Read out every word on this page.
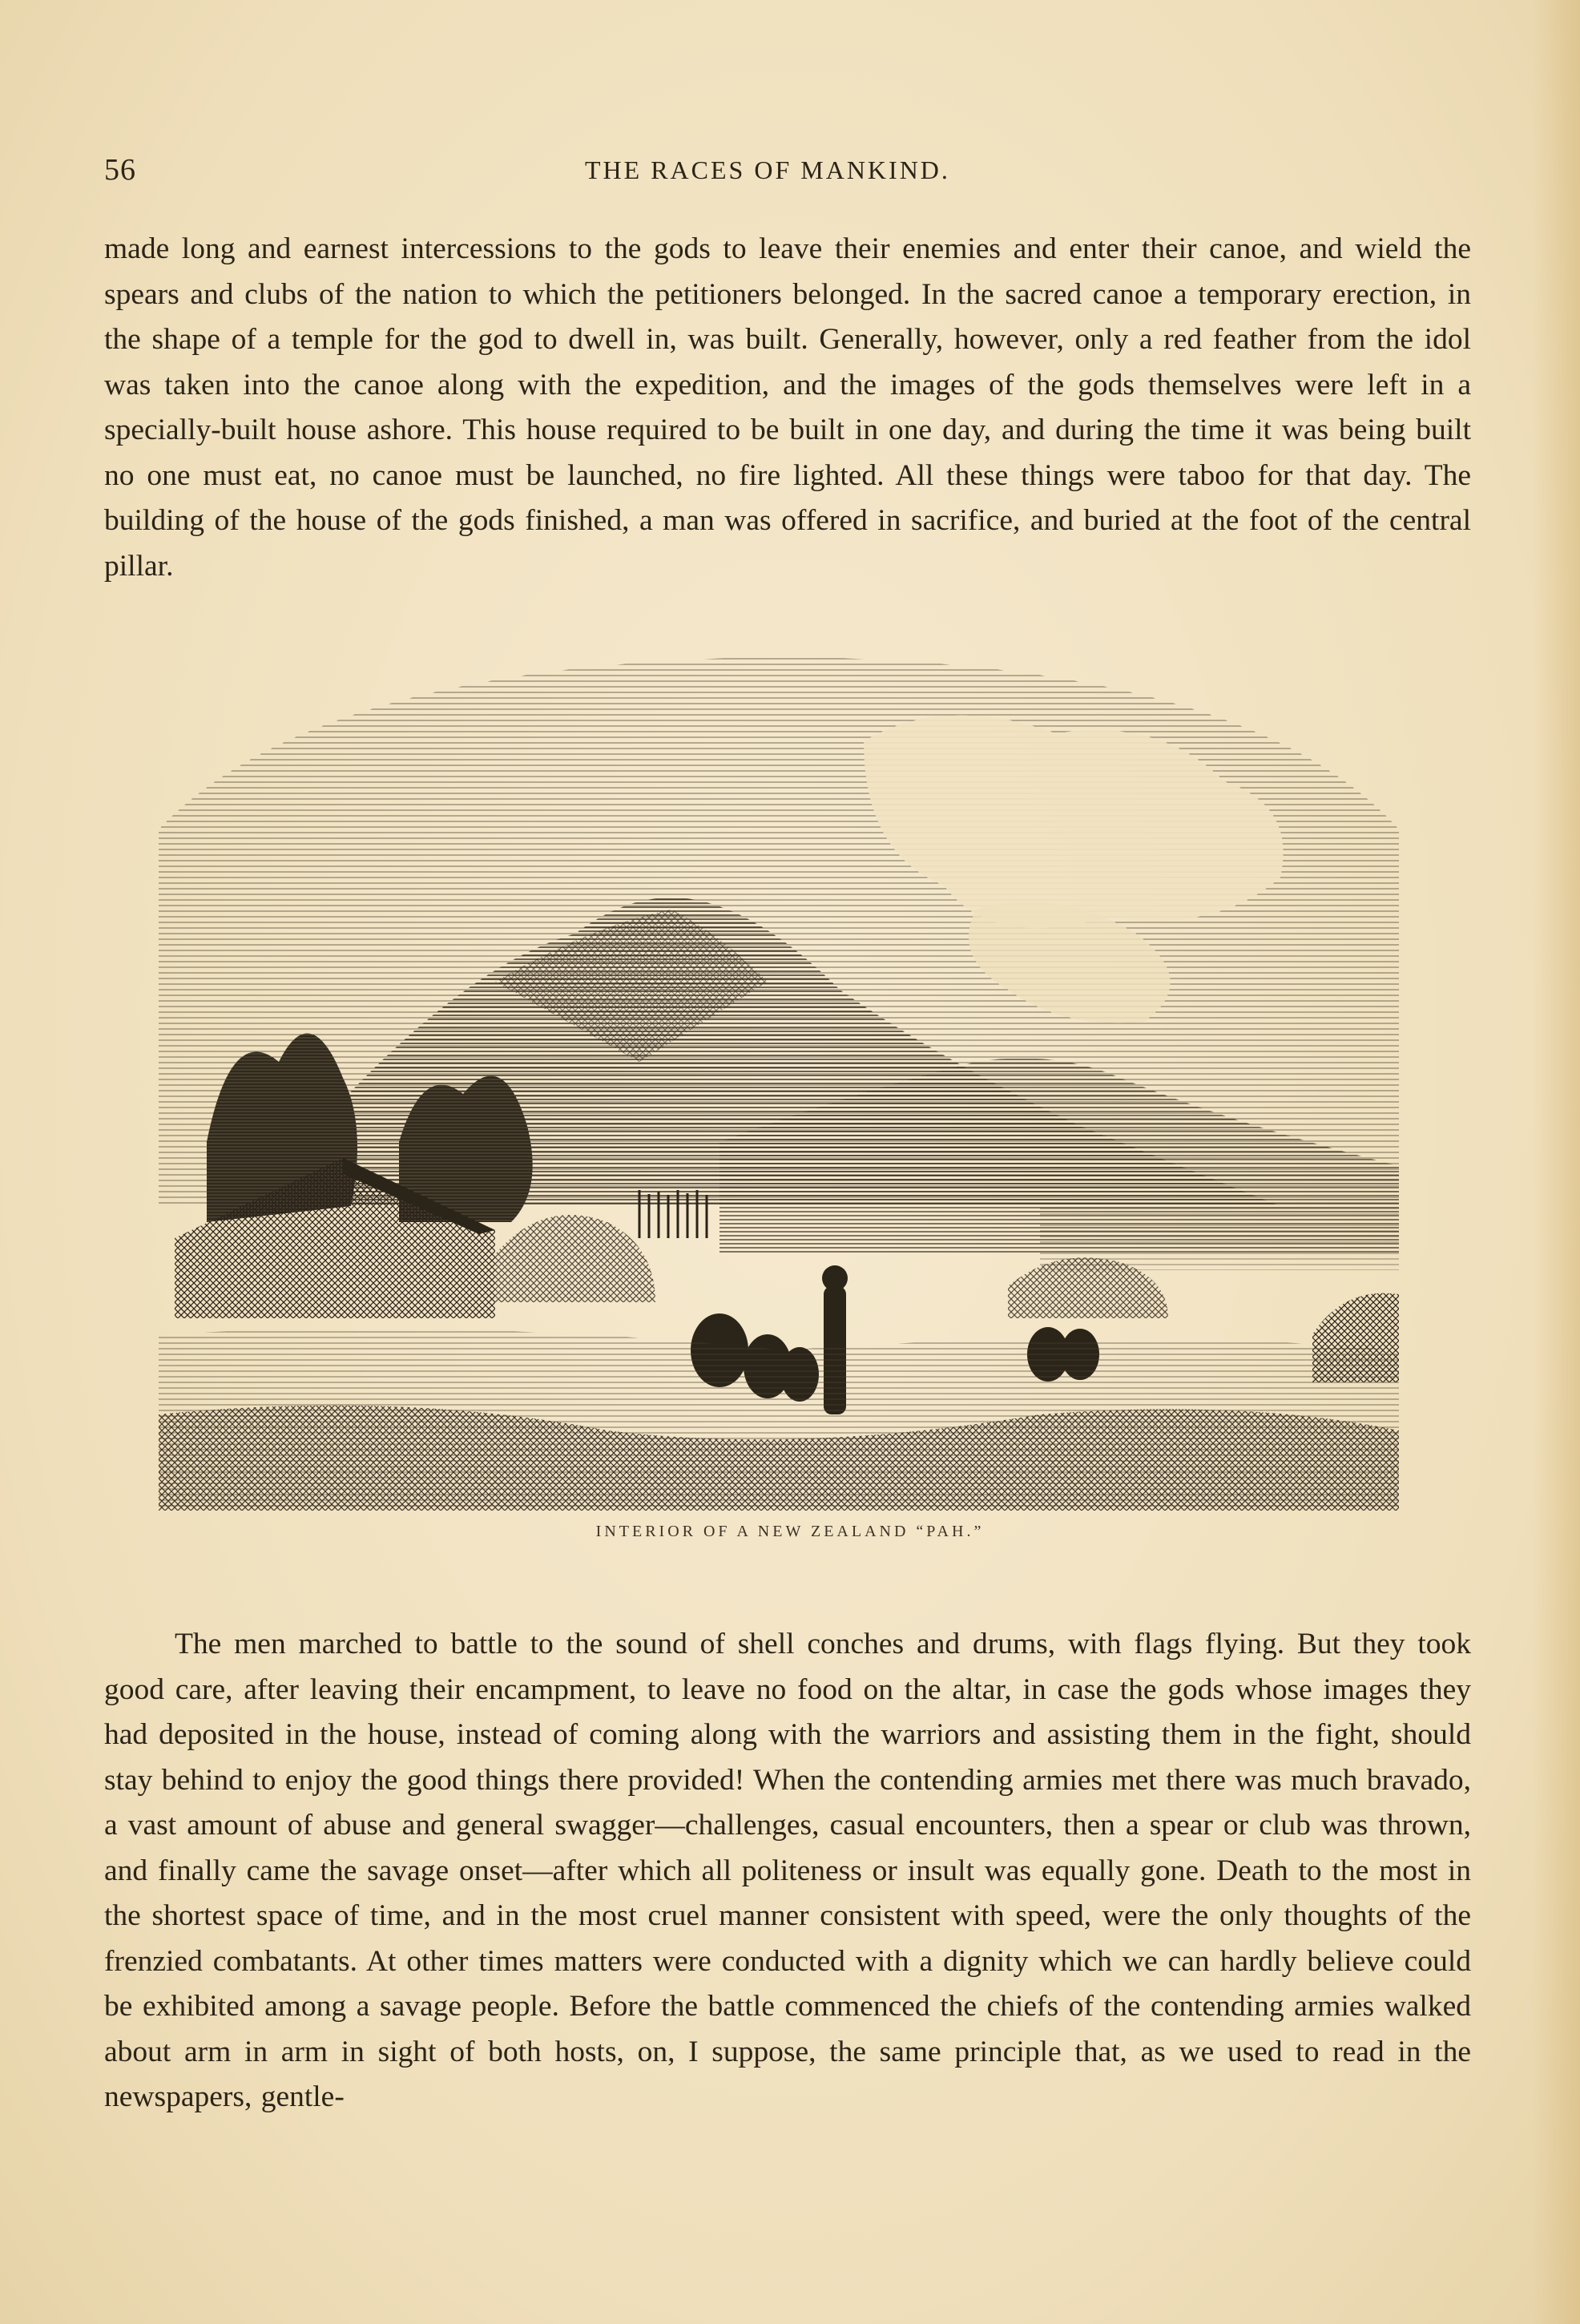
56	THE RACES OF MANKIND.

made long and earnest intercessions to the gods to leave their enemies and enter their canoe, and wield the spears and clubs of the nation to which the petitioners belonged. In the sacred canoe a temporary erection, in the shape of a temple for the god to dwell in, was built. Generally, however, only a red feather from the idol was taken into the canoe along with the expedition, and the images of the gods themselves were left in a specially-built house ashore. This house required to be built in one day, and during the time it was being built no one must eat, no canoe must be launched, no fire lighted. All these things were taboo for that day. The building of the house of the gods finished, a man was offered in sacrifice, and buried at the foot of the central pillar.

INTERIOR OF A NEW ZEALAND “PAH.”

The men marched to battle to the sound of shell conches and drums, with flags flying. But they took good care, after leaving their encampment, to leave no food on the altar, in case the gods whose images they had deposited in the house, instead of coming along with the warriors and assisting them in the fight, should stay behind to enjoy the good things there provided! When the contending armies met there was much bravado, a vast amount of abuse and general swagger—challenges, casual encounters, then a spear or club was thrown, and finally came the savage onset—after which all politeness or insult was equally gone. Death to the most in the shortest space of time, and in the most cruel manner consistent with speed, were the only thoughts of the frenzied combatants. At other times matters were conducted with a dignity which we can hardly believe could be exhibited among a savage people. Before the battle commenced the chiefs of the contending armies walked about arm in arm in sight of both hosts, on, I suppose, the same principle that, as we used to read in the newspapers, gentle-
